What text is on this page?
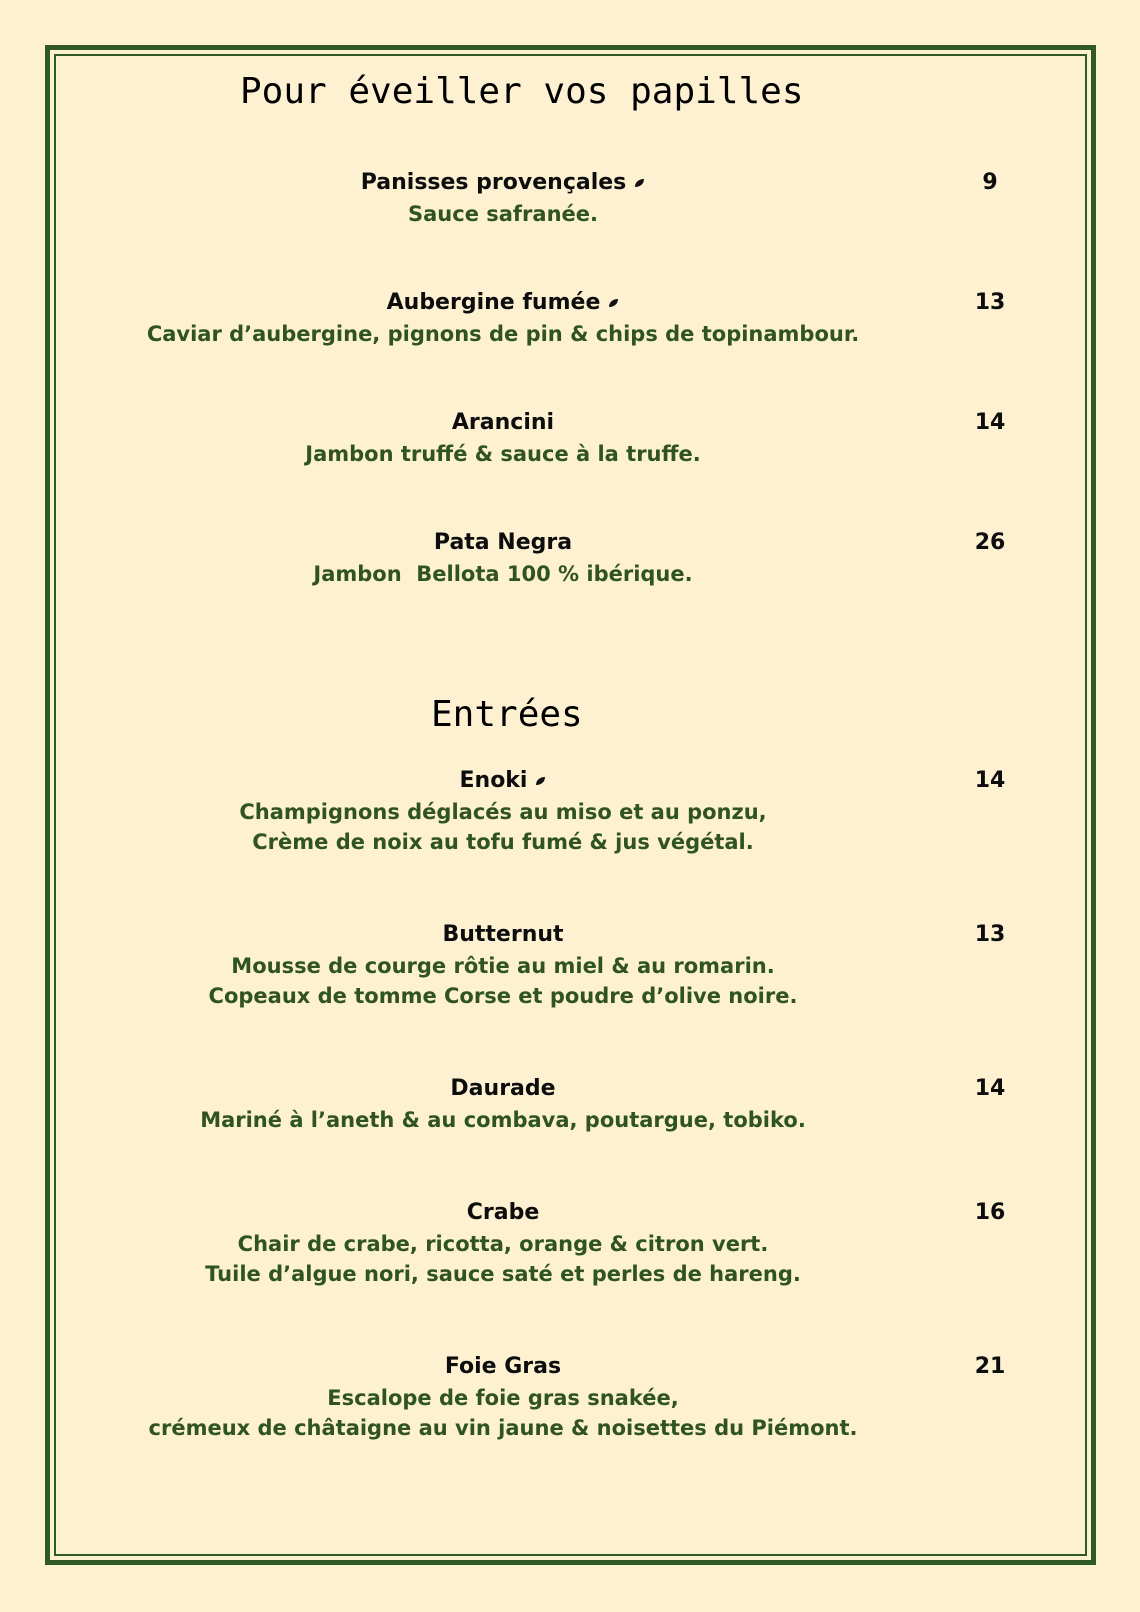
Pour éveiller vos papilles
Panisses provençales	9
Sauce safranée.
Aubergine fumée	13
Caviar d’aubergine, pignons de pin & chips de topinambour.
Arancini	14
Jambon truffé & sauce à la truffe.
Pata Negra	26
Jambon  Bellota 100 % ibérique.
Entrées
Enoki	14
Champignons déglacés au miso et au ponzu,
Crème de noix au tofu fumé & jus végétal.
Butternut	13
Mousse de courge rôtie au miel & au romarin.
Copeaux de tomme Corse et poudre d’olive noire.
Daurade	14
Mariné à l’aneth & au combava, poutargue, tobiko.
Crabe	16
Chair de crabe, ricotta, orange & citron vert.
Tuile d’algue nori, sauce saté et perles de hareng.
Foie Gras	21
Escalope de foie gras snakée,
crémeux de châtaigne au vin jaune & noisettes du Piémont.
